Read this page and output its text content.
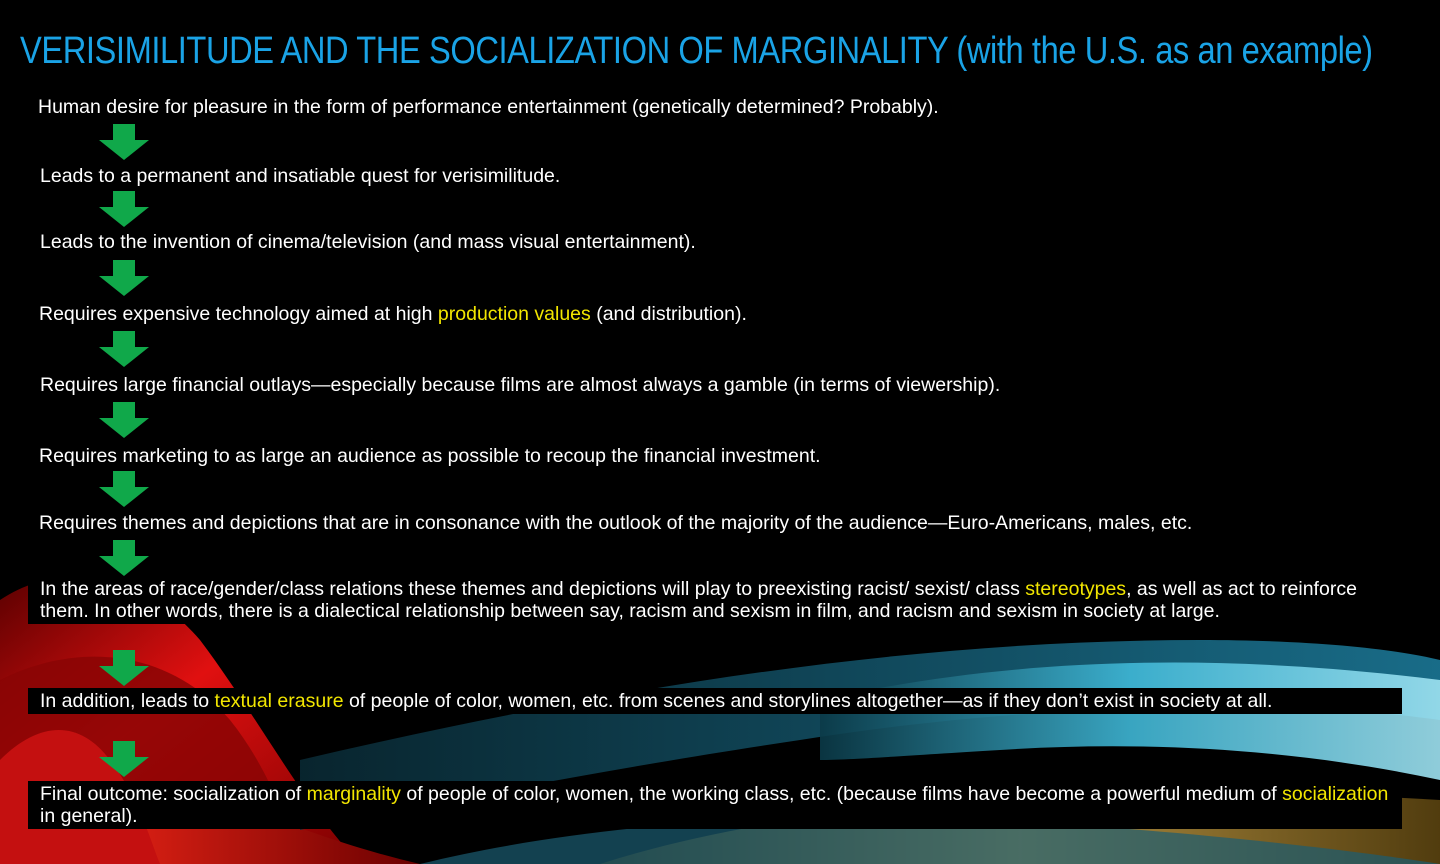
VERISIMILITUDE AND THE SOCIALIZATION OF MARGINALITY (with the U.S. as an example)
Human desire for pleasure in the form of performance entertainment (genetically determined? Probably).
Leads to a permanent and insatiable quest for verisimilitude.
Leads to the invention of cinema/television (and mass visual entertainment).
Requires expensive technology aimed at high production values (and distribution).
Requires large financial outlays—especially because films are almost always a gamble (in terms of viewership).
Requires marketing to as large an audience as possible to recoup the financial investment.
Requires themes and depictions that are in consonance with the outlook of the majority of the audience—Euro-Americans, males, etc.
In the areas of race/gender/class relations these themes and depictions will play to preexisting racist/ sexist/ class stereotypes, as well as act to reinforce them. In other words, there is a dialectical relationship between say, racism and sexism in film, and racism and sexism in society at large.
In addition, leads to textual erasure of people of color, women, etc. from scenes and storylines altogether—as if they don’t exist in society at all.
Final outcome: socialization of marginality of people of color, women, the working class, etc. (because films have become a powerful medium of socialization in general).
